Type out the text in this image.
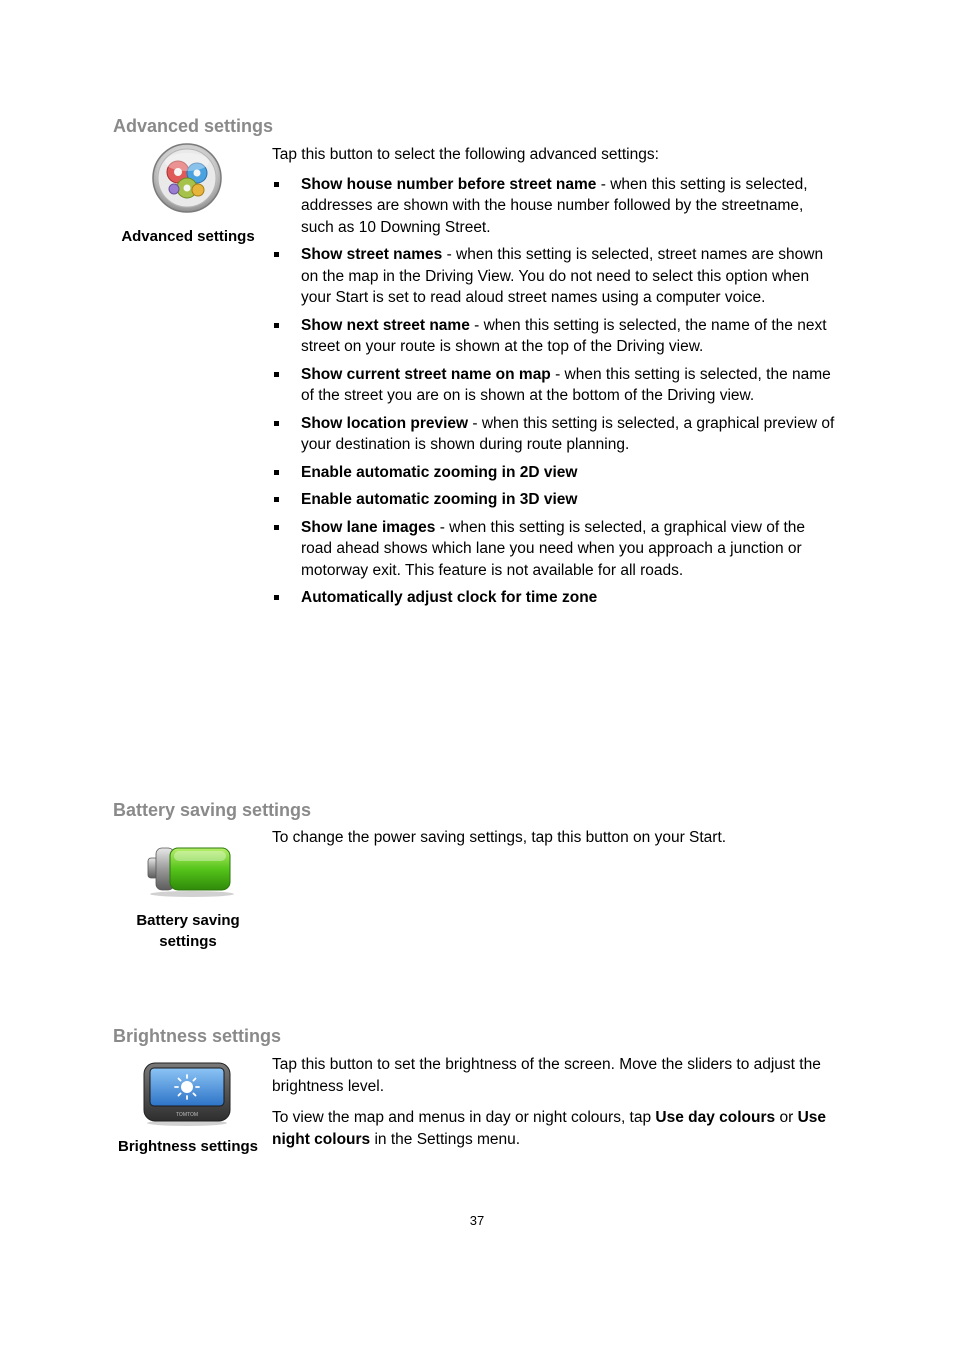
Advanced settings
Advanced settings

Tap this button to select the following advanced settings:

Show house number before street name - when this setting is selected, addresses are shown with the house number followed by the streetname, such as 10 Downing Street.
Show street names - when this setting is selected, street names are shown on the map in the Driving View. You do not need to select this option when your Start is set to read aloud street names using a computer voice.
Show next street name - when this setting is selected, the name of the next street on your route is shown at the top of the Driving view.
Show current street name on map - when this setting is selected, the name of the street you are on is shown at the bottom of the Driving view.
Show location preview - when this setting is selected, a graphical preview of your destination is shown during route planning.
Enable automatic zooming in 2D view
Enable automatic zooming in 3D view
Show lane images - when this setting is selected, a graphical view of the road ahead shows which lane you need when you approach a junction or motorway exit. This feature is not available for all roads.
Automatically adjust clock for time zone
Battery saving settings
Battery saving
settings

To change the power saving settings, tap this button on your Start.

Brightness settings
TOMTOM
Brightness settings

Tap this button to set the brightness of the screen. Move the sliders to adjust the brightness level.

To view the map and menus in day or night colours, tap Use day colours or Use night colours in the Settings menu.

37
